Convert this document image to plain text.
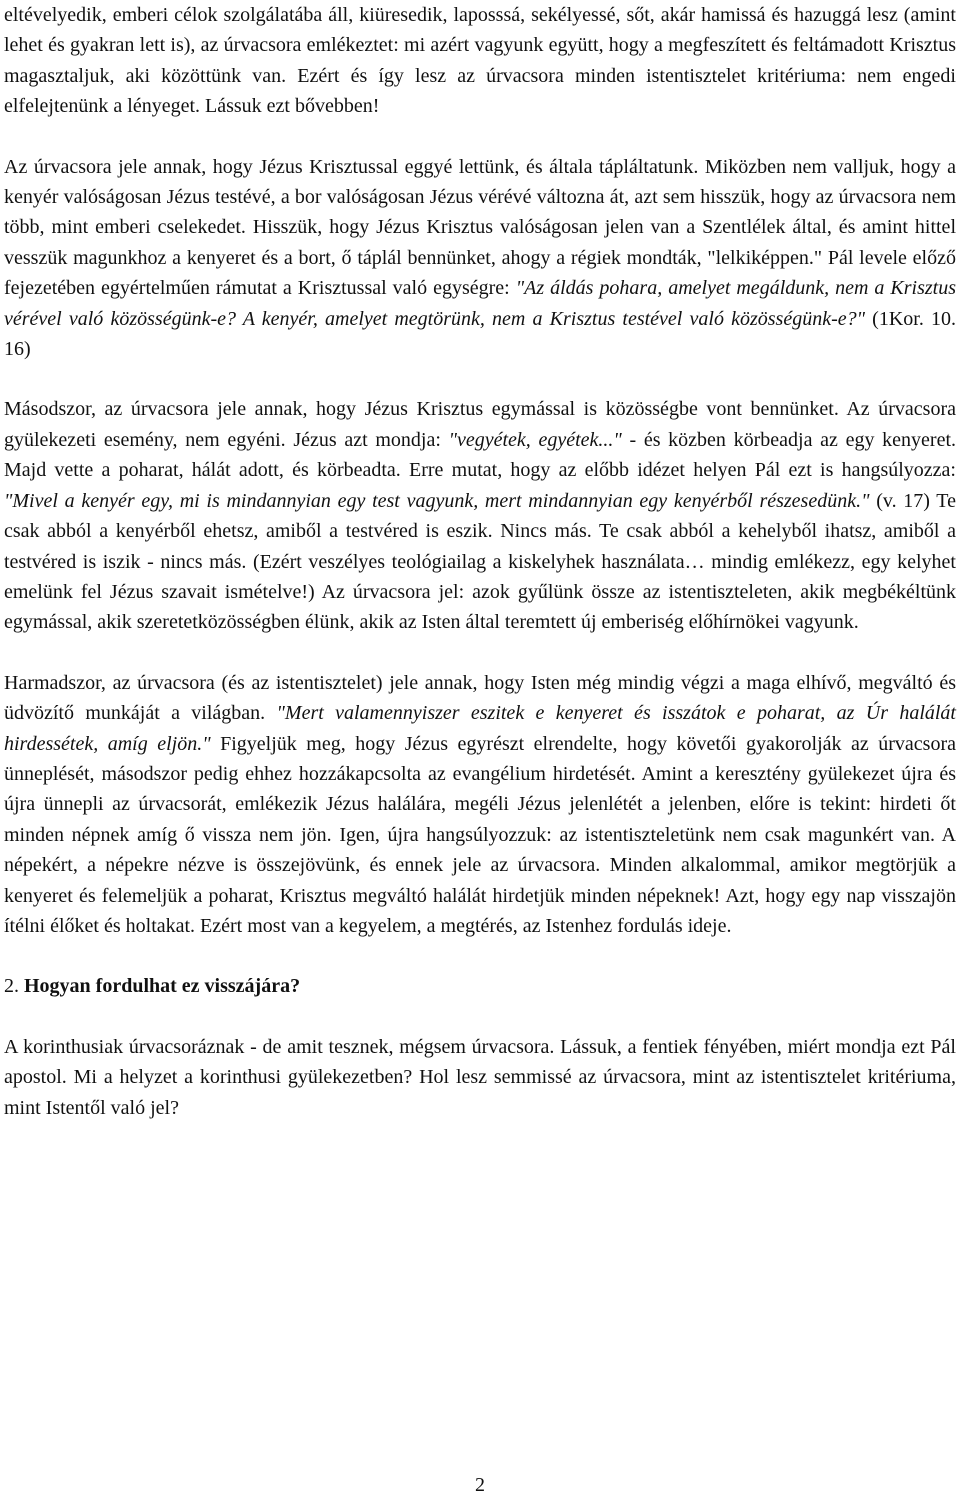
eltévelyedik, emberi célok szolgálatába áll, kiüresedik, laposssá, sekélyessé, sőt, akár hamissá és hazuggá lesz (amint lehet és gyakran lett is), az úrvacsora emlékeztet: mi azért vagyunk együtt, hogy a megfeszített és feltámadott Krisztus magasztaljuk, aki közöttünk van. Ezért és így lesz az úrvacsora minden istentisztelet kritériuma: nem engedi elfelejtenünk a lényeget. Lássuk ezt bővebben!

Az úrvacsora jele annak, hogy Jézus Krisztussal eggyé lettünk, és általa tápláltatunk. Miközben nem valljuk, hogy a kenyér valóságosan Jézus testévé, a bor valóságosan Jézus vérévé változna át, azt sem hisszük, hogy az úrvacsora nem több, mint emberi cselekedet. Hisszük, hogy Jézus Krisztus valóságosan jelen van a Szentlélek által, és amint hittel vesszük magunkhoz a kenyeret és a bort, ő táplál bennünket, ahogy a régiek mondták, "lelkiképpen." Pál levele előző fejezetében egyértelműen rámutat a Krisztussal való egységre: "Az áldás pohara, amelyet megáldunk, nem a Krisztus vérével való közösségünk-e? A kenyér, amelyet megtörünk, nem a Krisztus testével való közösségünk-e?" (1Kor. 10. 16)

Másodszor, az úrvacsora jele annak, hogy Jézus Krisztus egymással is közösségbe vont bennünket. Az úrvacsora gyülekezeti esemény, nem egyéni. Jézus azt mondja: "vegyétek, egyétek..." - és közben körbeadja az egy kenyeret. Majd vette a poharat, hálát adott, és körbeadta. Erre mutat, hogy az előbb idézet helyen Pál ezt is hangsúlyozza: "Mivel a kenyér egy, mi is mindannyian egy test vagyunk, mert mindannyian egy kenyérből részesedünk." (v. 17) Te csak abból a kenyérből ehetsz, amiből a testvéred is eszik. Nincs más. Te csak abból a kehelyből ihatsz, amiből a testvéred is iszik - nincs más. (Ezért veszélyes teológiailag a kiskelyhek használata… mindig emlékezz, egy kelyhet emelünk fel Jézus szavait ismételve!) Az úrvacsora jel: azok gyűlünk össze az istentiszteleten, akik megbékéltünk egymással, akik szeretetközösségben élünk, akik az Isten által teremtett új emberiség előhírnökei vagyunk.

Harmadszor, az úrvacsora (és az istentisztelet) jele annak, hogy Isten még mindig végzi a maga elhívő, megváltó és üdvözítő munkáját a világban. "Mert valamennyiszer eszitek e kenyeret és isszátok e poharat, az Úr halálát hirdessétek, amíg eljön." Figyeljük meg, hogy Jézus egyrészt elrendelte, hogy követői gyakorolják az úrvacsora ünneplését, másodszor pedig ehhez hozzákapcsolta az evangélium hirdetését. Amint a keresztény gyülekezet újra és újra ünnepli az úrvacsorát, emlékezik Jézus halálára, megéli Jézus jelenlétét a jelenben, előre is tekint: hirdeti őt minden népnek amíg ő vissza nem jön. Igen, újra hangsúlyozzuk: az istentiszteletünk nem csak magunkért van. A népekért, a népekre nézve is összejövünk, és ennek jele az úrvacsora. Minden alkalommal, amikor megtörjük a kenyeret és felemeljük a poharat, Krisztus megváltó halálát hirdetjük minden népeknek! Azt, hogy egy nap visszajön ítélni élőket és holtakat. Ezért most van a kegyelem, a megtérés, az Istenhez fordulás ideje.

2. Hogyan fordulhat ez visszájára?

A korinthusiak úrvacsoráznak - de amit tesznek, mégsem úrvacsora. Lássuk, a fentiek fényében, miért mondja ezt Pál apostol. Mi a helyzet a korinthusi gyülekezetben? Hol lesz semmissé az úrvacsora, mint az istentisztelet kritériuma, mint Istentől való jel?

2
